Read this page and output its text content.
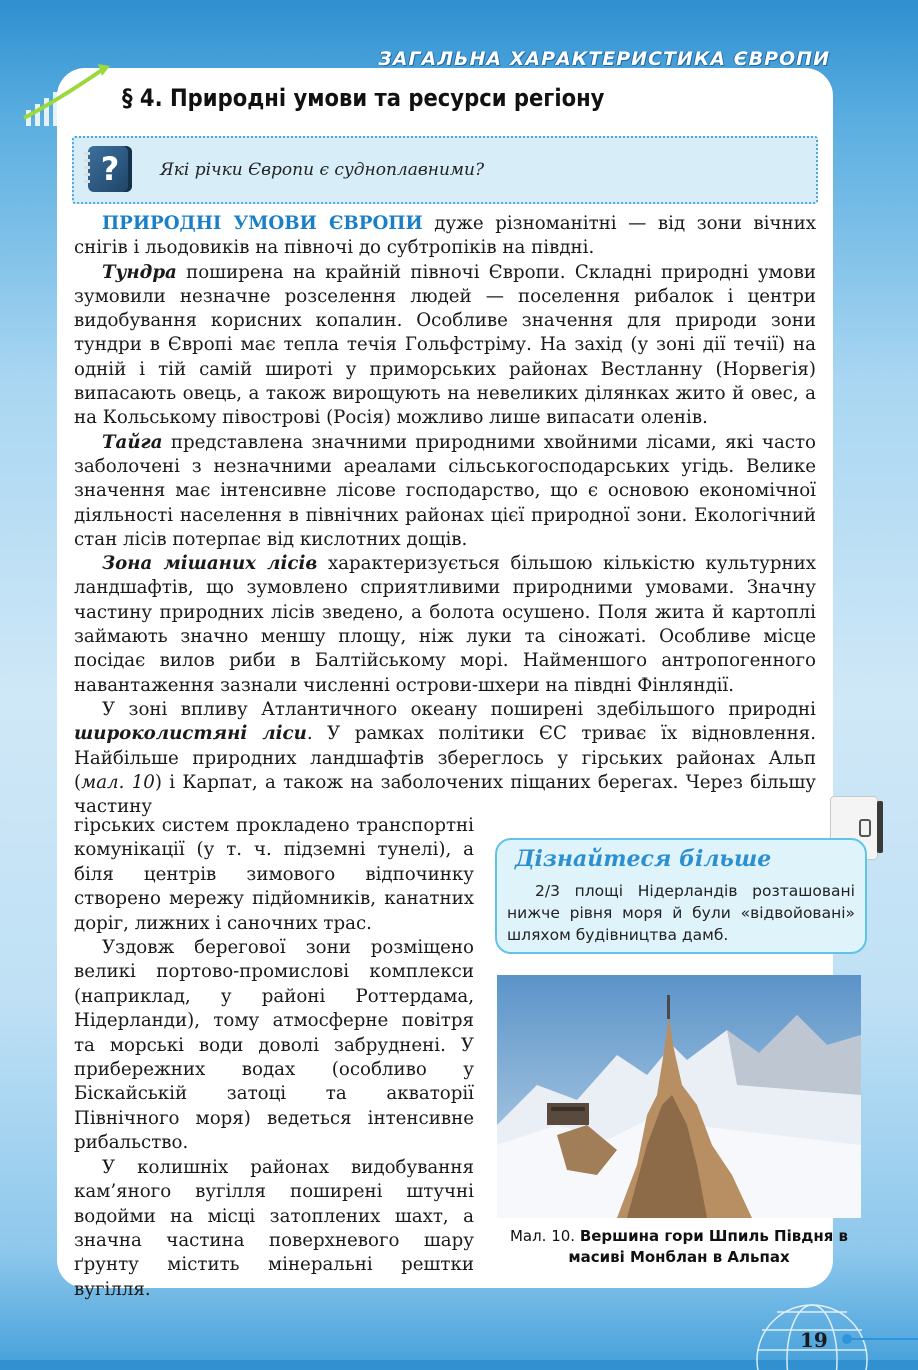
ЗАГАЛЬНА ХАРАКТЕРИСТИКА ЄВРОПИ
§ 4. Природні умови та ресурси регіону
?	Які річки Європи є судноплавними?

ПРИРОДНІ УМОВИ ЄВРОПИ дуже різноманітні — від зони вічних снігів і льодовиків на півночі до субтропіків на півдні.

Тундра поширена на крайній півночі Європи. Складні природні умови зумовили незначне розселення людей — поселення рибалок і центри видобування корисних копалин. Особливе значення для природи зони тундри в Європі має тепла течія Гольфстріму. На захід (у зоні дії течії) на одній і тій самій широті у приморських районах Вестланну (Норвегія) випасають овець, а також вирощують на невеликих ділянках жито й овес, а на Кольському півострові (Росія) можливо лише випасати оленів.

Тайга представлена значними природними хвойними лісами, які часто заболочені з незначними ареалами сільськогосподарських угідь. Велике значення має інтенсивне лісове господарство, що є основою економічної діяльності населення в північних районах цієї природної зони. Екологічний стан лісів потерпає від кислотних дощів.

Зона мішаних лісів характеризується більшою кількістю культурних ландшафтів, що зумовлено сприятливими природними умовами. Значну частину природних лісів зведено, а болота осушено. Поля жита й картоплі займають значно меншу площу, ніж луки та сіножаті. Особливе місце посідає вилов риби в Балтійському морі. Найменшого антропогенного навантаження зазнали численні острови-шхери на півдні Фінляндії.

У зоні впливу Атлантичного океану поширені здебільшого природні широколистяні ліси. У рамках політики ЄС триває їх відновлення. Найбільше природних ландшафтів збереглось у гірських районах Альп (мал. 10) і Карпат, а також на заболочених піщаних берегах. Через більшу частину

гірських систем прокладено транспортні комунікації (у т. ч. підземні тунелі), а біля центрів зимового відпочинку створено мережу підйомників, канатних доріг, лижних і саночних трас.

Уздовж берегової зони розміщено великі портово-промислові комплекси (наприклад, у районі Роттердама, Нідерланди), тому атмосферне повітря та морські води доволі забруднені. У прибережних водах (особливо у Біскайській затоці та акваторії Північного моря) ведеться інтенсивне рибальство.

У колишніх районах видобування кам’яного вугілля поширені штучні водойми на місці затоплених шахт, а значна частина поверхневого шару ґрунту містить мінеральні рештки вугілля.

Дізнайтеся більше
2/3 площі Нідерландів розташовані нижче рівня моря й були «відвойовані» шляхом будівництва дамб.
Мал. 10. Вершина гори Шпиль Півдня в масиві Монблан в Альпах
19
